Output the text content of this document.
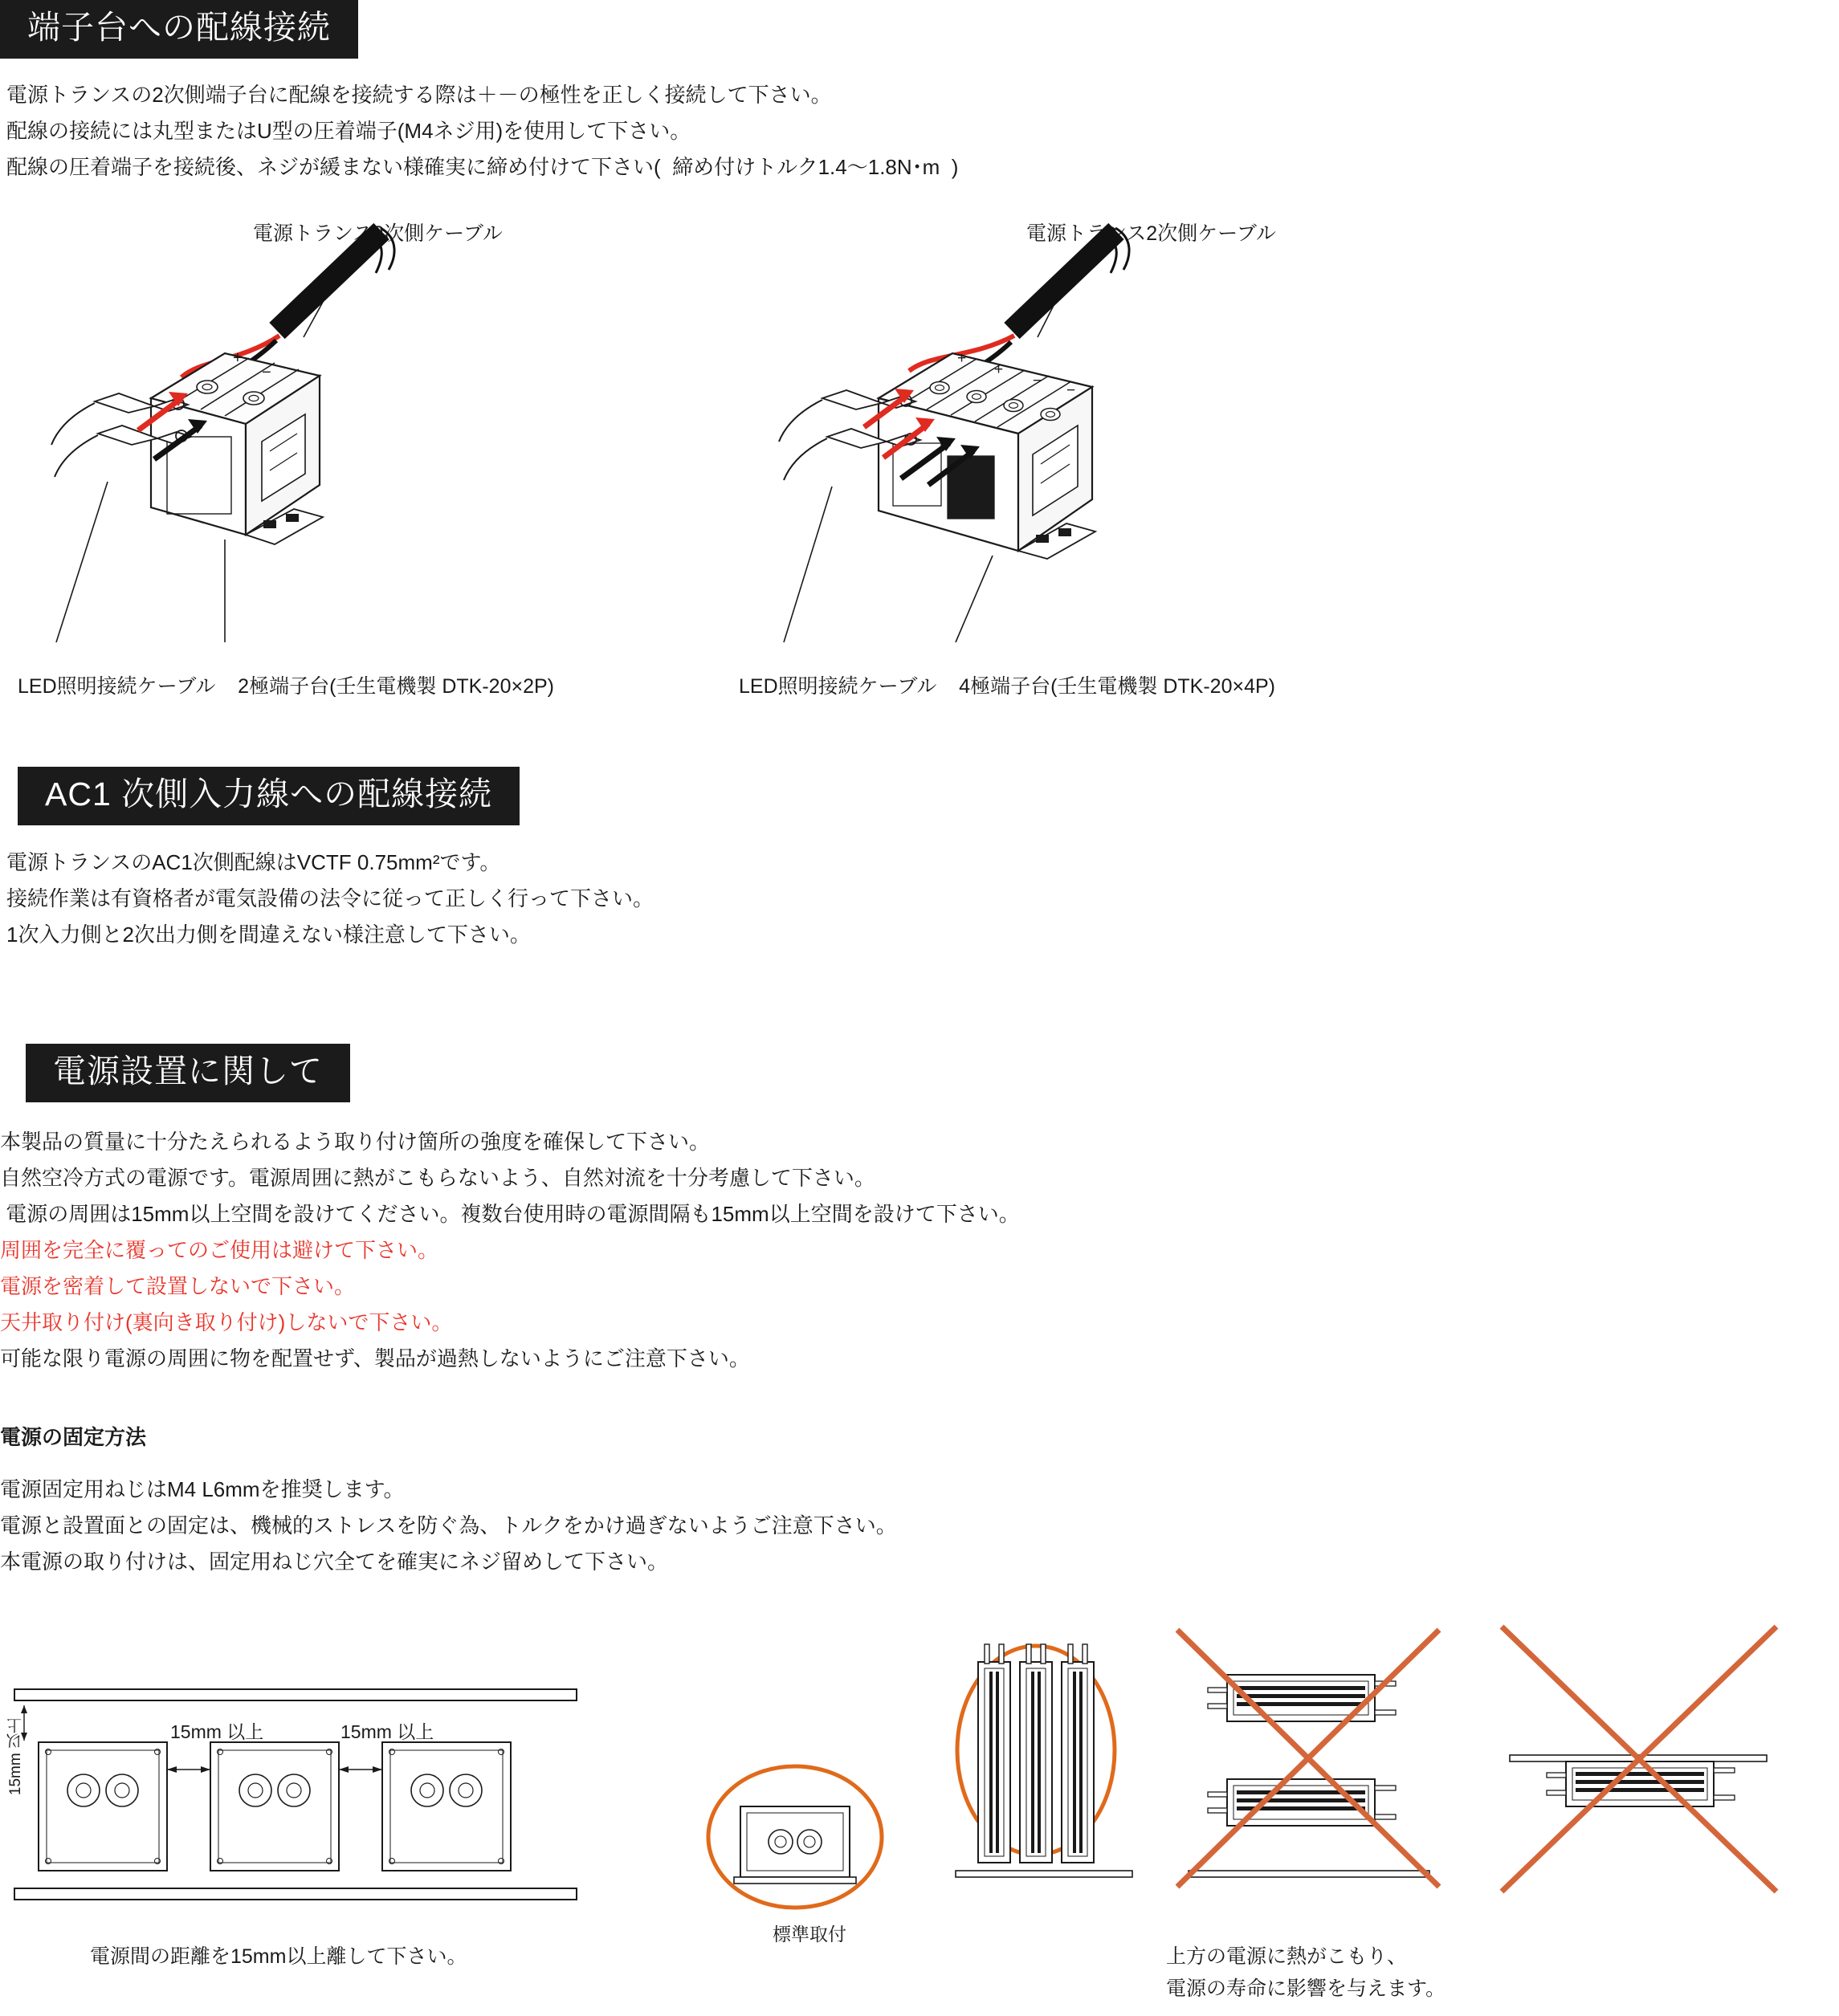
端子台への配線接続
電源トランスの2次側端子台に配線を接続する際は＋－の極性を正しく接続して下さい。
配線の接続には丸型またはU型の圧着端子(M4ネジ用)を使用して下さい。
配線の圧着端子を接続後、ネジが緩まない様確実に締め付けて下さい(  締め付けトルク1.4～1.8N･m  )
電源トランス2次側ケーブル
LED照明接続ケーブル    2極端子台(壬生電機製 DTK-20×2P)
+
−
電源トランス2次側ケーブル
LED照明接続ケーブル    4極端子台(壬生電機製 DTK-20×4P)
+
+
−
−
AC1 次側入力線への配線接続
電源トランスのAC1次側配線はVCTF 0.75mm²です。
接続作業は有資格者が電気設備の法令に従って正しく行って下さい。
1次入力側と2次出力側を間違えない様注意して下さい。
電源設置に関して
本製品の質量に十分たえられるよう取り付け箇所の強度を確保して下さい。
自然空冷方式の電源です。電源周囲に熱がこもらないよう、自然対流を十分考慮して下さい。
電源の周囲は15mm以上空間を設けてください。複数台使用時の電源間隔も15mm以上空間を設けて下さい。
周囲を完全に覆ってのご使用は避けて下さい。
電源を密着して設置しないで下さい。
天井取り付け(裏向き取り付け)しないで下さい。
可能な限り電源の周囲に物を配置せず、製品が過熱しないようにご注意下さい。
電源の固定方法
電源固定用ねじはM4 L6mmを推奨します。
電源と設置面との固定は、機械的ストレスを防ぐ為、トルクをかけ過ぎないようご注意下さい。
本電源の取り付けは、固定用ねじ穴全てを確実にネジ留めして下さい。
15mm 以上	15mm 以上
15mm 以上
電源間の距離を15mm以上離して下さい。
標準取付
上方の電源に熱がこもり、
電源の寿命に影響を与えます。
